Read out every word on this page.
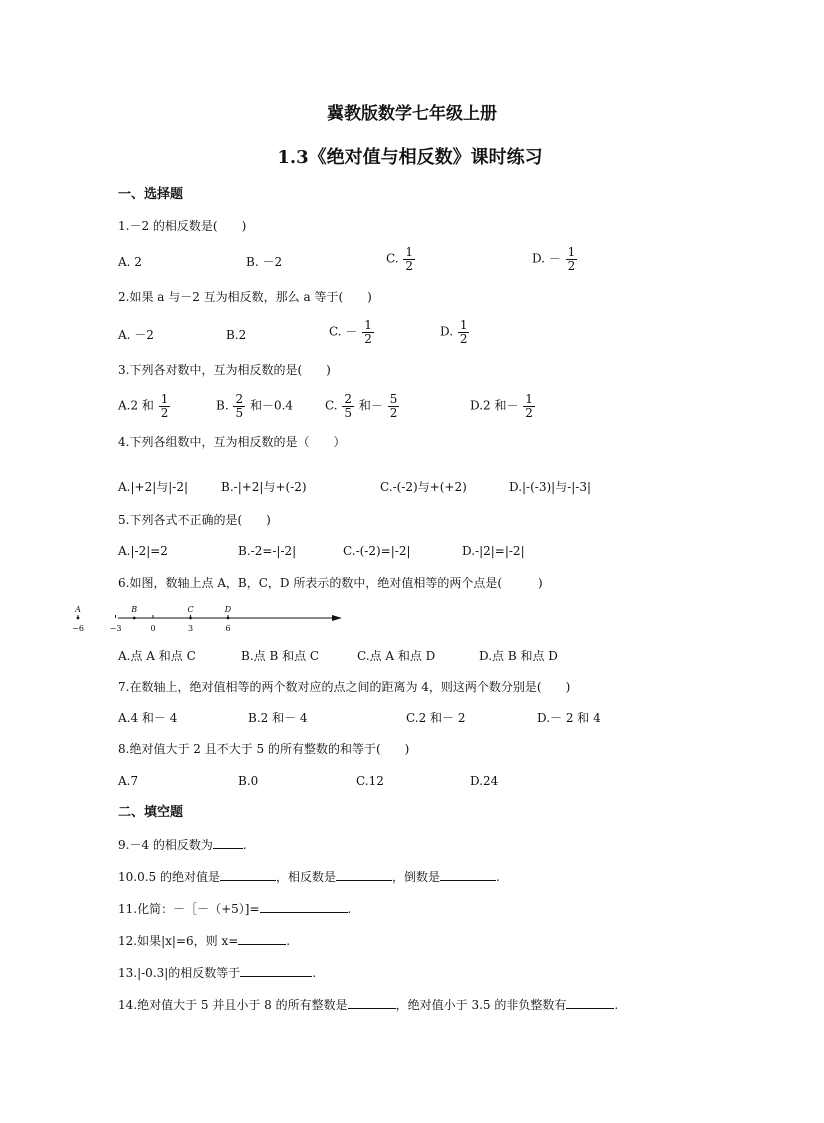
冀教版数学七年级上册
1.3《绝对值与相反数》课时练习
一、选择题
1.－2 的相反数是(　　)
A. 2	B. －2	C. $\frac{1}{2}$	D. － $\frac{1}{2}$
2.如果 a 与－2 互为相反数，那么 a 等于(　　)
A. －2	B.2	C. － $\frac{1}{2}$	D. $\frac{1}{2}$
3.下列各对数中，互为相反数的是(　　)
A.2 和 $\frac{1}{2}$	B. $\frac{2}{5}$ 和－0.4	C. $\frac{2}{5}$ 和－ $\frac{5}{2}$	D.2 和－ $\frac{1}{2}$
4.下列各组数中，互为相反数的是（　　）
A.|+2|与|-2|	B.-|+2|与+(-2)	C.-(-2)与+(+2)	D.|-(-3)|与-|-3|
5.下列各式不正确的是(　　)
A.|-2|=2	B.-2=-|-2|	C.-(-2)=|-2|	D.-|2|=|-2|
6.如图，数轴上点 A，B，C，D 所表示的数中，绝对值相等的两个点是(　　　)
−6	−3	0	3	6
A	B	C	D
A.点 A 和点 C	B.点 B 和点 C	C.点 A 和点 D	D.点 B 和点 D
7.在数轴上，绝对值相等的两个数对应的点之间的距离为 4，则这两个数分别是(　　)
A.4 和－ 4	B.2 和－ 4	C.2 和－ 2	D.－ 2 和 4
8.绝对值大于 2 且不大于 5 的所有整数的和等于(　　)
A.7	B.0	C.12	D.24
二、填空题
9.－4 的相反数为	.
10.0.5 的绝对值是	，相反数是	，倒数是	.
11.化简：－［－（+5）]=	.
12.如果|x|=6，则 x=	.
13.|-0.3|的相反数等于	.
14.绝对值大于 5 并且小于 8 的所有整数是	，绝对值小于 3.5 的非负整数有	.
